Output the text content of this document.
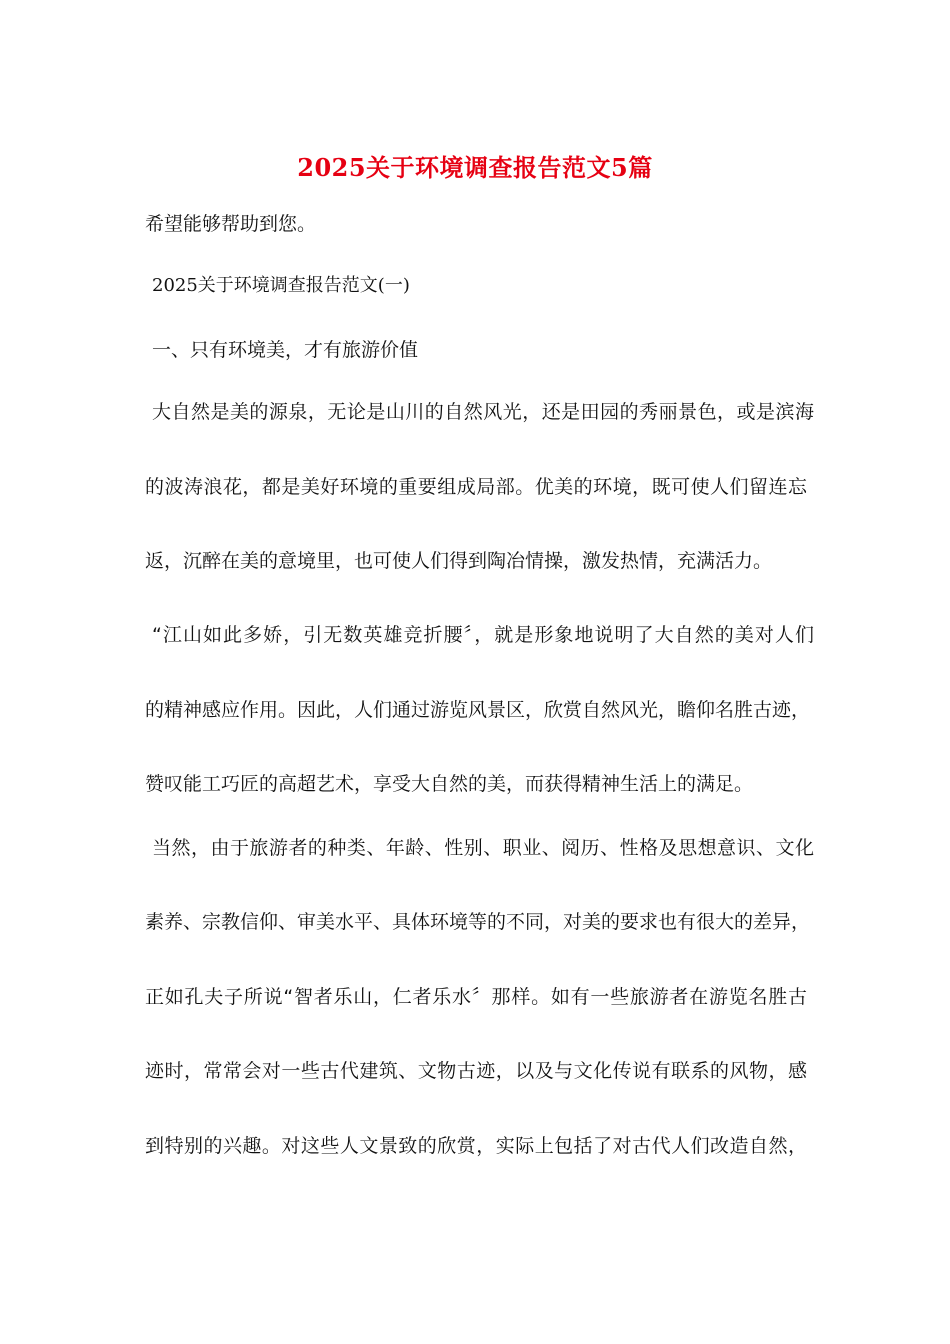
2025关于环境调查报告范文5篇
希望能够帮助到您。
2025关于环境调查报告范文(一)
一、只有环境美，才有旅游价值
大自然是美的源泉，无论是山川的自然风光，还是田园的秀丽景色，或是滨海
的波涛浪花，都是美好环境的重要组成局部。优美的环境，既可使人们留连忘
返，沉醉在美的意境里，也可使人们得到陶冶情操，激发热情，充满活力。
“江山如此多娇，引无数英雄竞折腰〞，就是形象地说明了大自然的美对人们
的精神感应作用。因此，人们通过游览风景区，欣赏自然风光，瞻仰名胜古迹，
赞叹能工巧匠的高超艺术，享受大自然的美，而获得精神生活上的满足。
当然，由于旅游者的种类、年龄、性别、职业、阅历、性格及思想意识、文化
素养、宗教信仰、审美水平、具体环境等的不同，对美的要求也有很大的差异，
正如孔夫子所说“智者乐山，仁者乐水〞那样。如有一些旅游者在游览名胜古
迹时，常常会对一些古代建筑、文物古迹，以及与文化传说有联系的风物，感
到特别的兴趣。对这些人文景致的欣赏，实际上包括了对古代人们改造自然，
